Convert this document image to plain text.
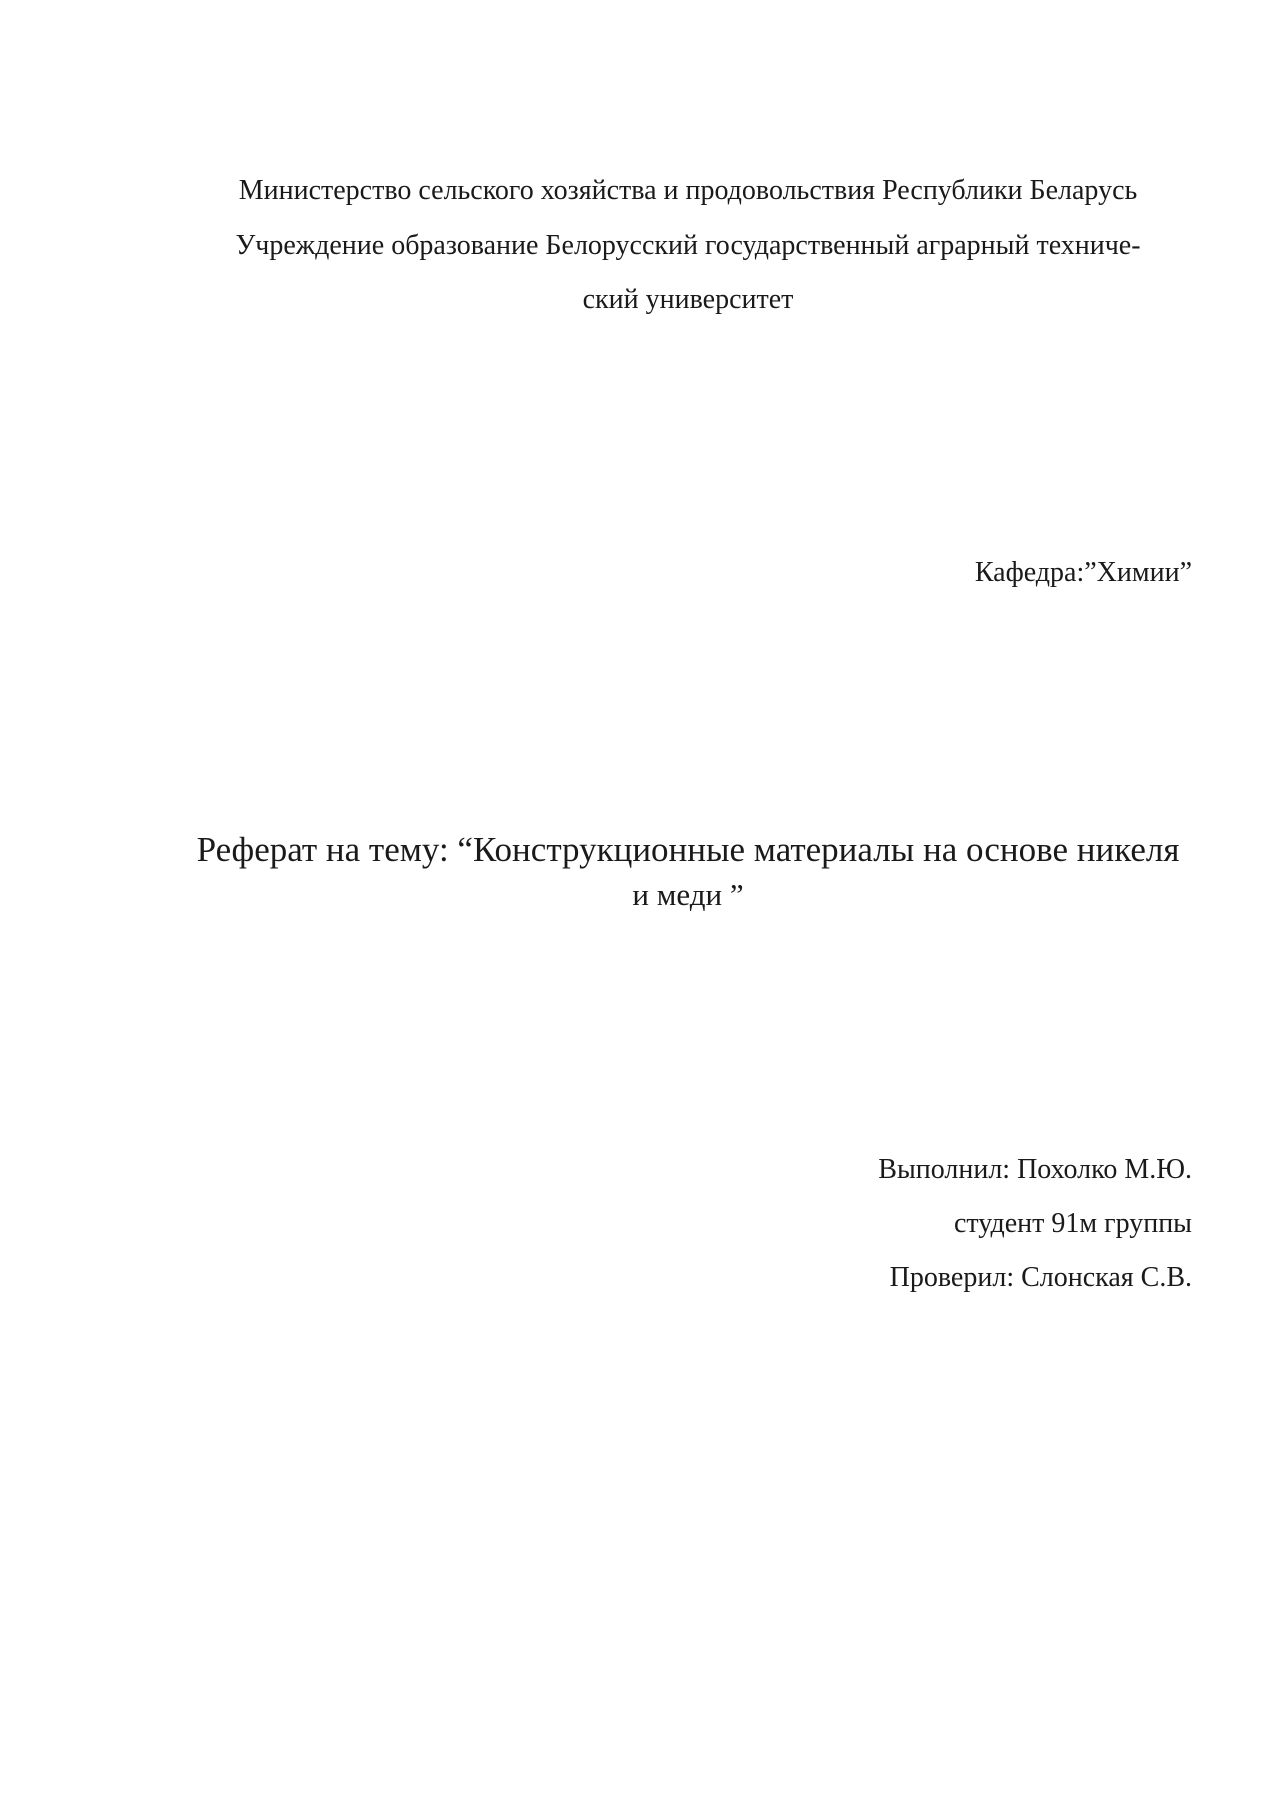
Министерство сельского хозяйства и продовольствия Республики Беларусь

Учреждение образование Белорусский государственный аграрный техниче-

ский университет

Кафедра:”Химии”

Реферат на тему: “Конструкционные материалы на основе никеля
и меди ”

Выполнил: Похолко М.Ю.

студент 91м группы

Проверил: Слонская С.В.
